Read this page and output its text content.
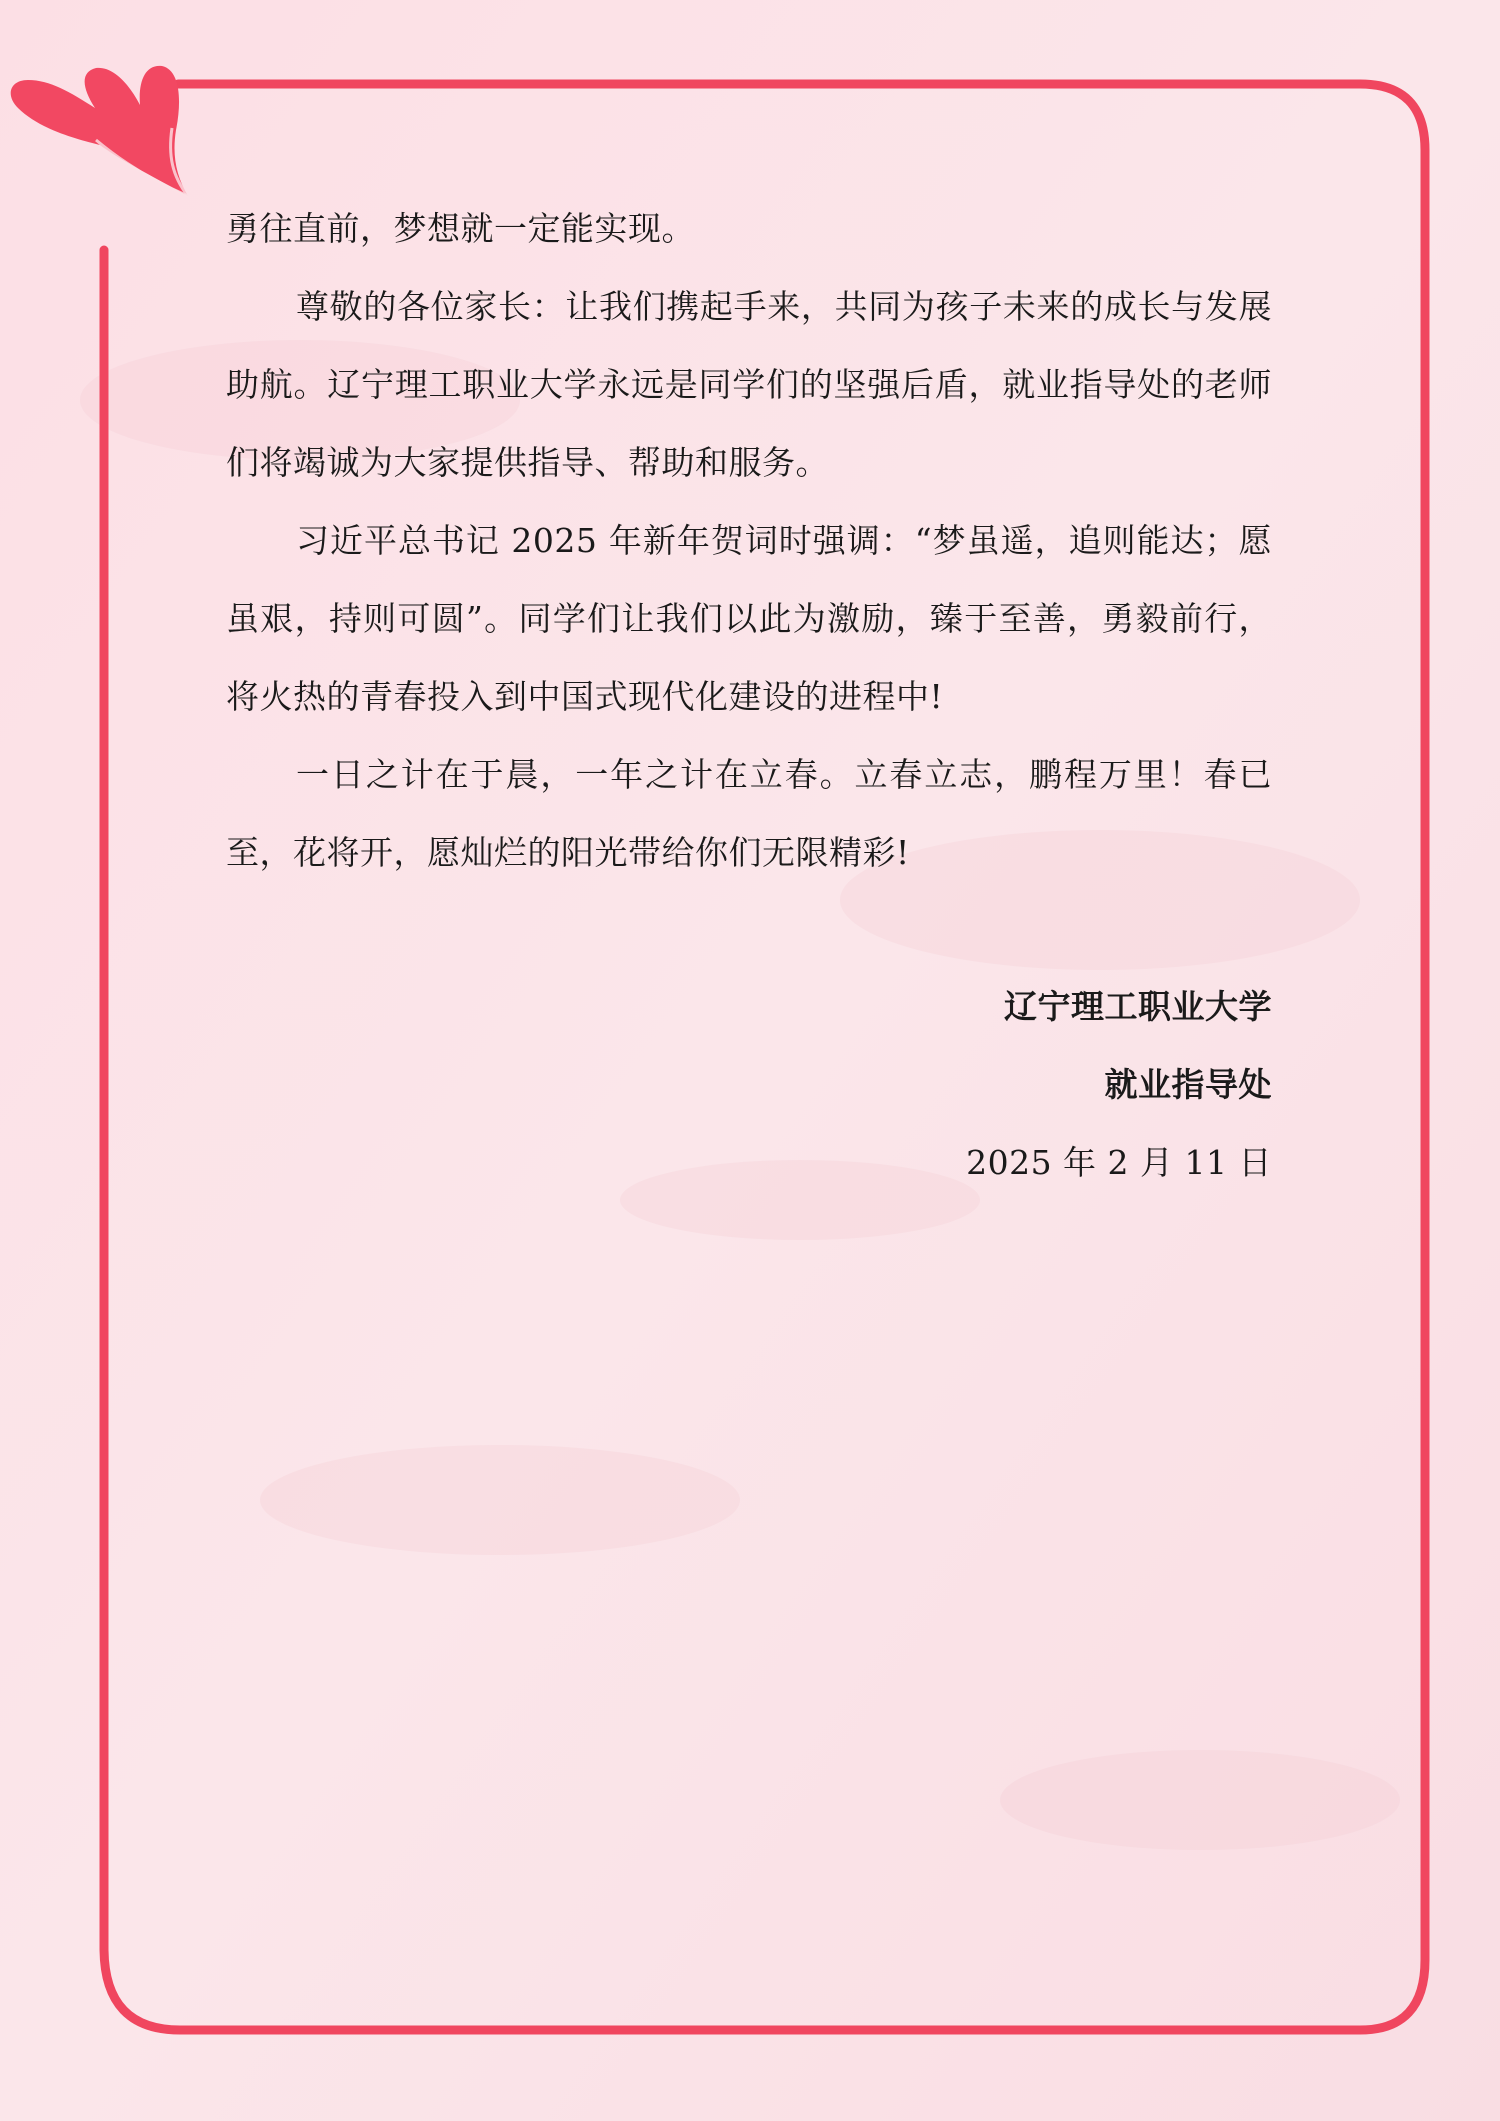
勇往直前，梦想就一定能实现。

尊敬的各位家长：让我们携起手来，共同为孩子未来的成长与发展助航。辽宁理工职业大学永远是同学们的坚强后盾，就业指导处的老师们将竭诚为大家提供指导、帮助和服务。

习近平总书记 2025 年新年贺词时强调：“梦虽遥，追则能达；愿虽艰，持则可圆”。同学们让我们以此为激励，臻于至善，勇毅前行，将火热的青春投入到中国式现代化建设的进程中!

一日之计在于晨，一年之计在立春。立春立志，鹏程万里！春已至，花将开，愿灿烂的阳光带给你们无限精彩!

辽宁理工职业大学
就业指导处
2025 年 2 月 11 日
